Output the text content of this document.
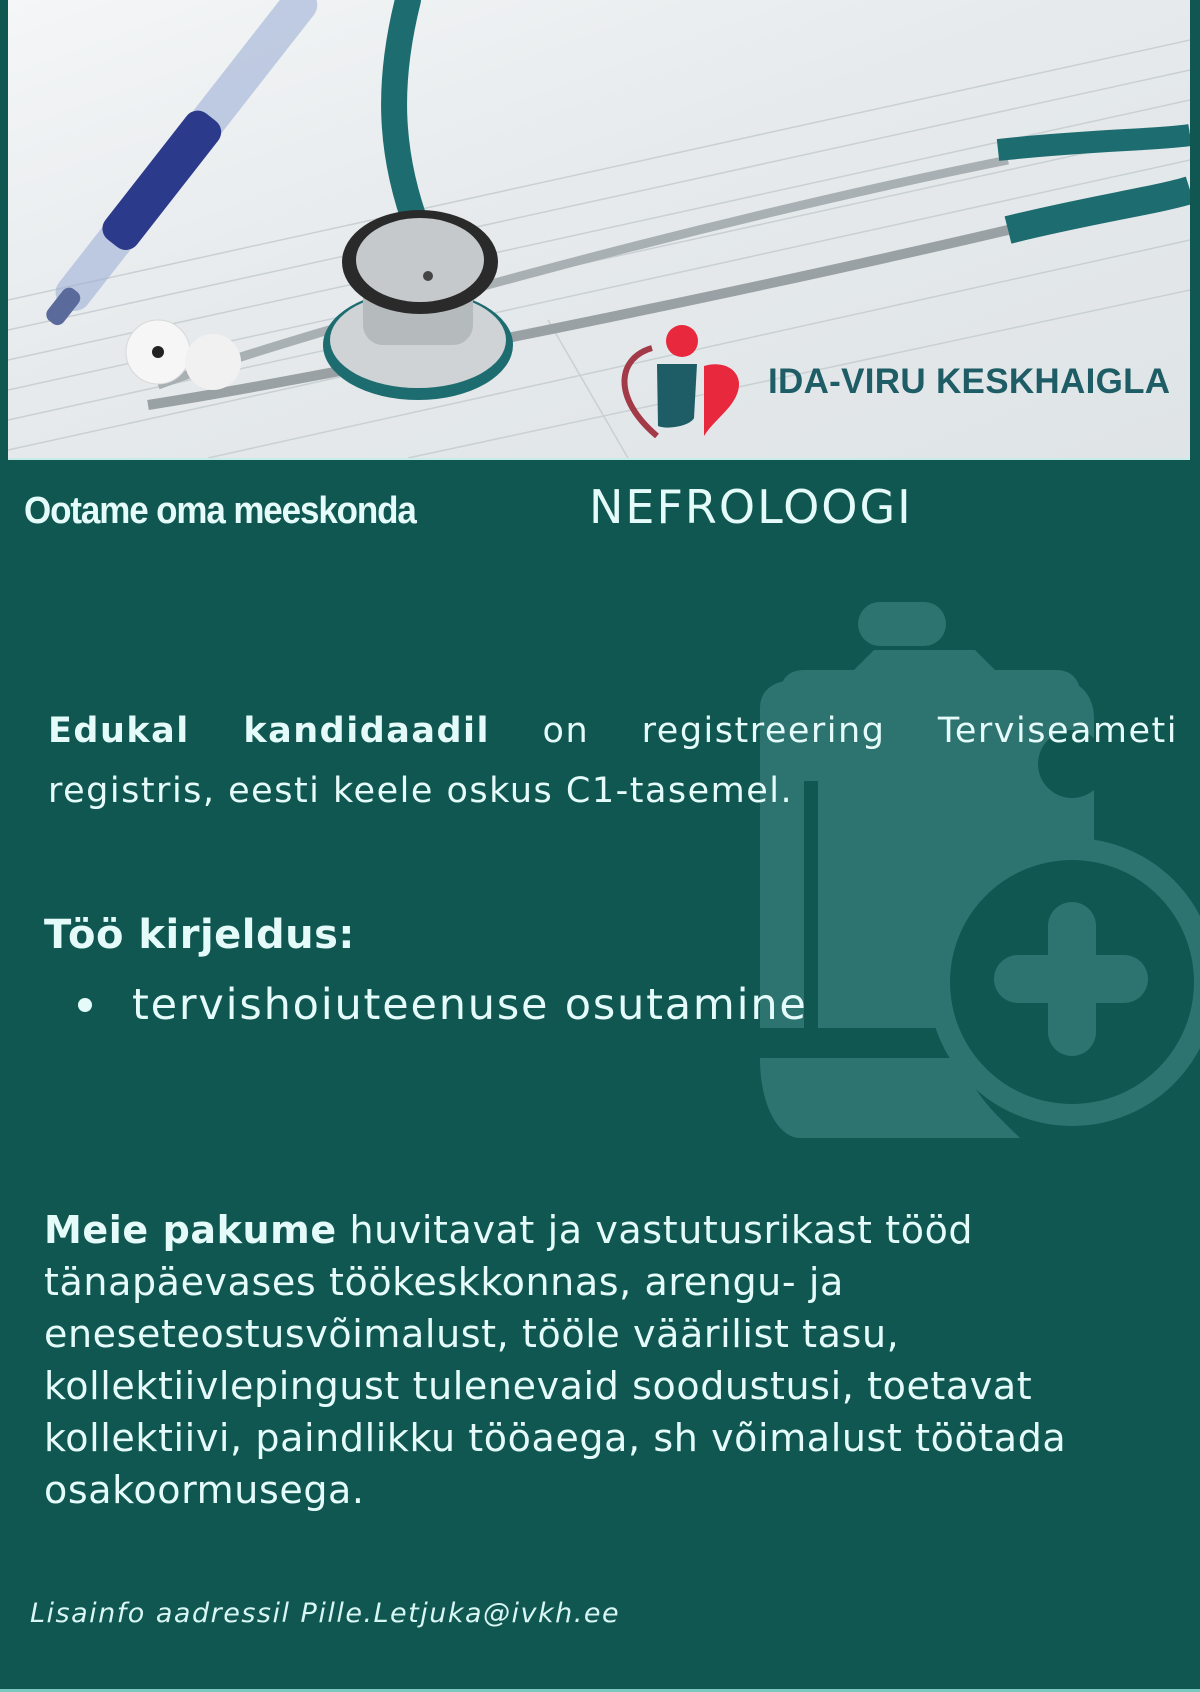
IDA-VIRU KESKHAIGLA
Ootame oma meeskonda	NEFROLOOGI

Edukal kandidaadil on registreering Terviseameti registris, eesti keele oskus C1-tasemel.

Töö kirjeldus:
tervishoiuteenuse osutamine

Meie pakume huvitavat ja vastutusrikast tööd tänapäevases töökeskkonnas, arengu- ja eneseteostusvõimalust, tööle väärilist tasu, kollektiivlepingust tulenevaid soodustusi, toetavat kollektiivi, paindlikku tööaega, sh võimalust töötada osakoormusega.

Lisainfo aadressil Pille.Letjuka@ivkh.ee
